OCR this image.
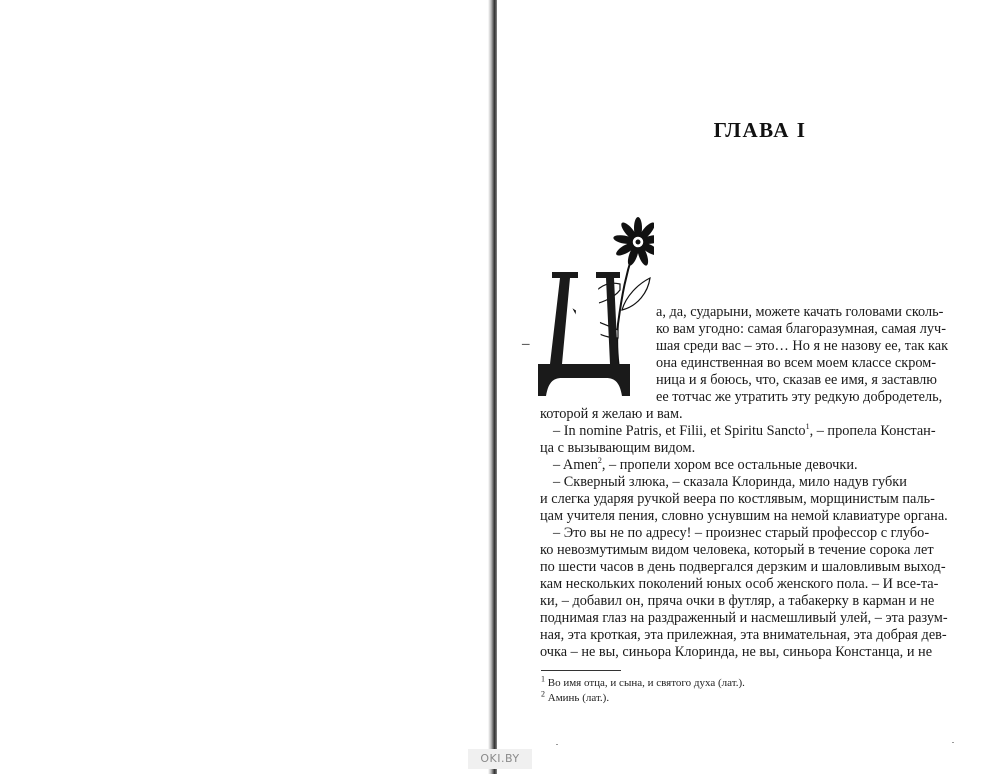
ГЛАВА I
–

а, да, сударыни, можете качать головами сколь-

ко вам угодно: самая благоразумная, самая луч-

шая среди вас – это… Но я не назову ее, так как

она единственная во всем моем классе скром-

ница и я боюсь, что, сказав ее имя, я заставлю

ее тотчас же утратить эту редкую добродетель,

которой я желаю и вам.

– In nomine Patris, et Filii, et Spiritu Sancto$^1$, – пропела Констан-

ца с вызывающим видом.

– Amen$^2$, – пропели хором все остальные девочки.

– Скверный злюка, – сказала Клоринда, мило надув губки

и слегка ударяя ручкой веера по костлявым, морщинистым паль-

цам учителя пения, словно уснувшим на немой клавиатуре органа.

– Это вы не по адресу! – произнес старый профессор с глубо-

ко невозмутимым видом человека, который в течение сорока лет

по шести часов в день подвергался дерзким и шаловливым выход-

кам нескольких поколений юных особ женского пола. – И все-та-

ки, – добавил он, пряча очки в футляр, а табакерку в карман и не

поднимая глаз на раздраженный и насмешливый улей, – эта разум-

ная, эта кроткая, эта прилежная, эта внимательная, эта добрая дев-

очка – не вы, синьора Клоринда, не вы, синьора Констанца, и не

$^1$ Во имя отца, и сына, и святого духа (лат.).

$^2$ Аминь (лат.).

OKI.BY
